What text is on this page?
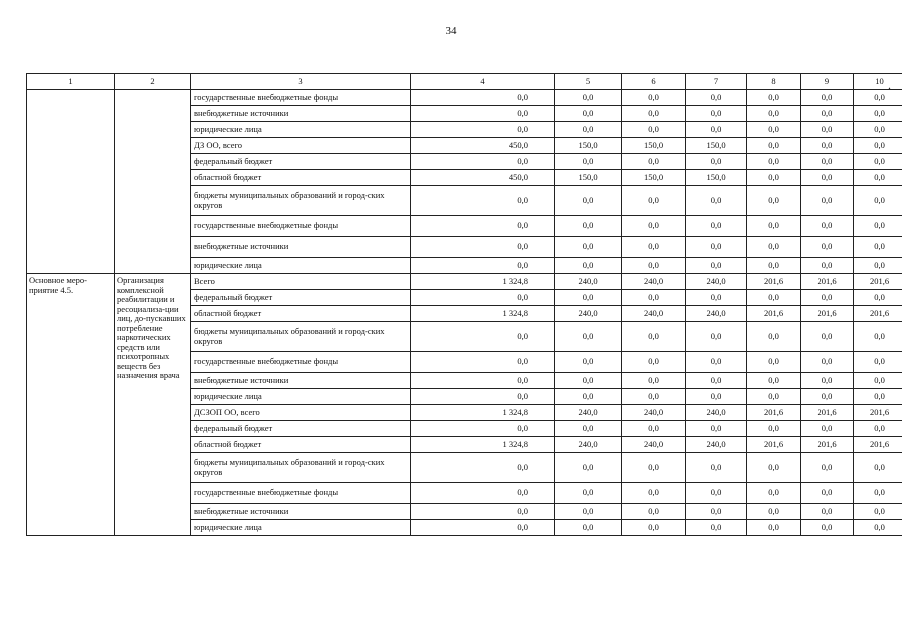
34
.
1	2	3	4	5	6	7	8	9	10
		государственные внебюджетные фонды	0,0	0,0	0,0	0,0	0,0	0,0	0,0
		внебюджетные источники	0,0	0,0	0,0	0,0	0,0	0,0	0,0
		юридические лица	0,0	0,0	0,0	0,0	0,0	0,0	0,0
		ДЗ ОО, всего	450,0	150,0	150,0	150,0	0,0	0,0	0,0
		федеральный бюджет	0,0	0,0	0,0	0,0	0,0	0,0	0,0
		областной бюджет	450,0	150,0	150,0	150,0	0,0	0,0	0,0
		бюджеты муниципальных образований и город-ских округов	0,0	0,0	0,0	0,0	0,0	0,0	0,0
		государственные внебюджетные фонды	0,0	0,0	0,0	0,0	0,0	0,0	0,0
		внебюджетные источники	0,0	0,0	0,0	0,0	0,0	0,0	0,0
		юридические лица	0,0	0,0	0,0	0,0	0,0	0,0	0,0
Основное меро-приятие 4.5.	Организация комплексной реабилитации и ресоциализа-ции лиц, до-пускавших потребление наркотических средств или психотропных веществ без назначения врача	Всего	1 324,8	240,0	240,0	240,0	201,6	201,6	201,6
		федеральный бюджет	0,0	0,0	0,0	0,0	0,0	0,0	0,0
		областной бюджет	1 324,8	240,0	240,0	240,0	201,6	201,6	201,6
		бюджеты муниципальных образований и город-ских округов	0,0	0,0	0,0	0,0	0,0	0,0	0,0
		государственные внебюджетные фонды	0,0	0,0	0,0	0,0	0,0	0,0	0,0
		внебюджетные источники	0,0	0,0	0,0	0,0	0,0	0,0	0,0
		юридические лица	0,0	0,0	0,0	0,0	0,0	0,0	0,0
		ДСЗОП ОО, всего	1 324,8	240,0	240,0	240,0	201,6	201,6	201,6
		федеральный бюджет	0,0	0,0	0,0	0,0	0,0	0,0	0,0
		областной бюджет	1 324,8	240,0	240,0	240,0	201,6	201,6	201,6
		бюджеты муниципальных образований и город-ских округов	0,0	0,0	0,0	0,0	0,0	0,0	0,0
		государственные внебюджетные фонды	0,0	0,0	0,0	0,0	0,0	0,0	0,0
		внебюджетные источники	0,0	0,0	0,0	0,0	0,0	0,0	0,0
		юридические лица	0,0	0,0	0,0	0,0	0,0	0,0	0,0
